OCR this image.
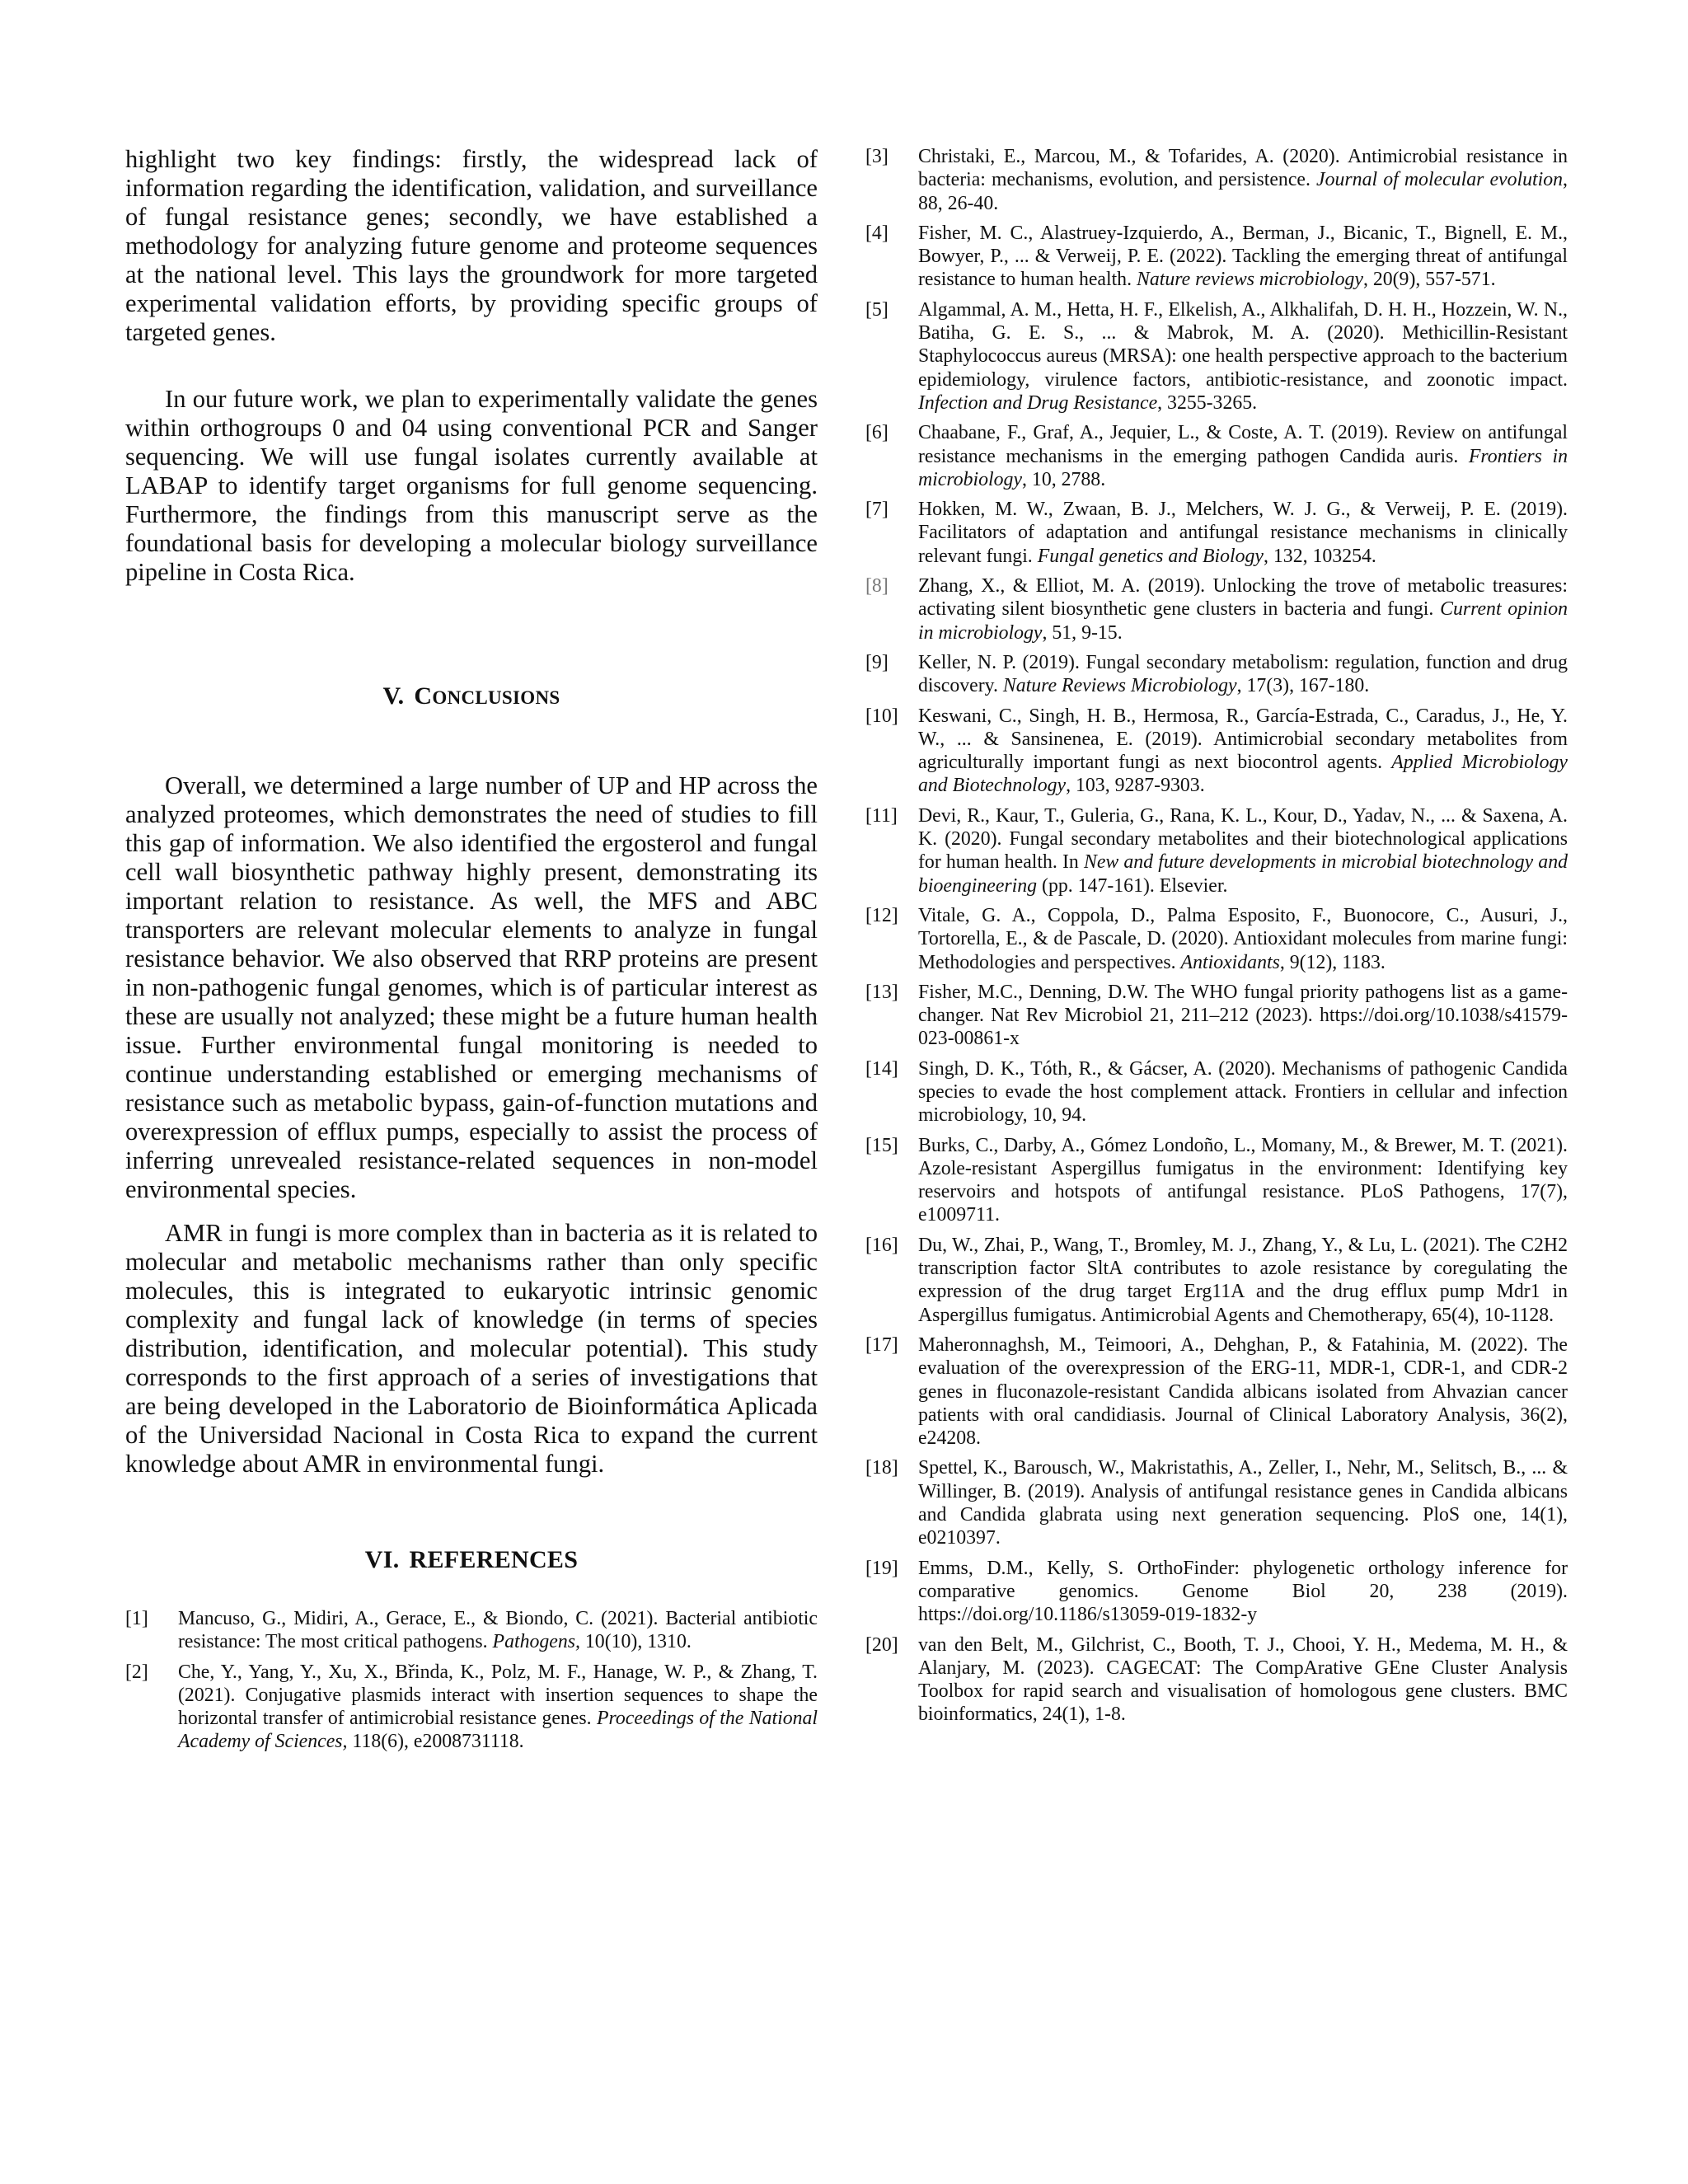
highlight two key findings: firstly, the widespread lack of information regarding the identification, validation, and surveillance of fungal resistance genes; secondly, we have established a methodology for analyzing future genome and proteome sequences at the national level. This lays the groundwork for more targeted experimental validation efforts, by providing specific groups of targeted genes.

In our future work, we plan to experimentally validate the genes within orthogroups 0 and 04 using conventional PCR and Sanger sequencing. We will use fungal isolates currently available at LABAP to identify target organisms for full genome sequencing. Furthermore, the findings from this manuscript serve as the foundational basis for developing a molecular biology surveillance pipeline in Costa Rica.

V. CONCLUSIONS

Overall, we determined a large number of UP and HP across the analyzed proteomes, which demonstrates the need of studies to fill this gap of information. We also identified the ergosterol and fungal cell wall biosynthetic pathway highly present, demonstrating its important relation to resistance. As well, the MFS and ABC transporters are relevant molecular elements to analyze in fungal resistance behavior. We also observed that RRP proteins are present in non-pathogenic fungal genomes, which is of particular interest as these are usually not analyzed; these might be a future human health issue. Further environmental fungal monitoring is needed to continue understanding established or emerging mechanisms of resistance such as metabolic bypass, gain-of-function mutations and overexpression of efflux pumps, especially to assist the process of inferring unrevealed resistance-related sequences in non-model environmental species.

AMR in fungi is more complex than in bacteria as it is related to molecular and metabolic mechanisms rather than only specific molecules, this is integrated to eukaryotic intrinsic genomic complexity and fungal lack of knowledge (in terms of species distribution, identification, and molecular potential). This study corresponds to the first approach of a series of investigations that are being developed in the Laboratorio de Bioinformática Aplicada of the Universidad Nacional in Costa Rica to expand the current knowledge about AMR in environmental fungi.

VI. REFERENCES
[1]	Mancuso, G., Midiri, A., Gerace, E., & Biondo, C. (2021). Bacterial antibiotic resistance: The most critical pathogens. Pathogens, 10(10), 1310.
[2]	Che, Y., Yang, Y., Xu, X., Břinda, K., Polz, M. F., Hanage, W. P., & Zhang, T. (2021). Conjugative plasmids interact with insertion sequences to shape the horizontal transfer of antimicrobial resistance genes. Proceedings of the National Academy of Sciences, 118(6), e2008731118.
[3]	Christaki, E., Marcou, M., & Tofarides, A. (2020). Antimicrobial resistance in bacteria: mechanisms, evolution, and persistence. Journal of molecular evolution, 88, 26-40.
[4]	Fisher, M. C., Alastruey-Izquierdo, A., Berman, J., Bicanic, T., Bignell, E. M., Bowyer, P., ... & Verweij, P. E. (2022). Tackling the emerging threat of antifungal resistance to human health. Nature reviews microbiology, 20(9), 557-571.
[5]	Algammal, A. M., Hetta, H. F., Elkelish, A., Alkhalifah, D. H. H., Hozzein, W. N., Batiha, G. E. S., ... & Mabrok, M. A. (2020). Methicillin-Resistant Staphylococcus aureus (MRSA): one health perspective approach to the bacterium epidemiology, virulence factors, antibiotic-resistance, and zoonotic impact. Infection and Drug Resistance, 3255-3265.
[6]	Chaabane, F., Graf, A., Jequier, L., & Coste, A. T. (2019). Review on antifungal resistance mechanisms in the emerging pathogen Candida auris. Frontiers in microbiology, 10, 2788.
[7]	Hokken, M. W., Zwaan, B. J., Melchers, W. J. G., & Verweij, P. E. (2019). Facilitators of adaptation and antifungal resistance mechanisms in clinically relevant fungi. Fungal genetics and Biology, 132, 103254.
[8]	Zhang, X., & Elliot, M. A. (2019). Unlocking the trove of metabolic treasures: activating silent biosynthetic gene clusters in bacteria and fungi. Current opinion in microbiology, 51, 9-15.
[9]	Keller, N. P. (2019). Fungal secondary metabolism: regulation, function and drug discovery. Nature Reviews Microbiology, 17(3), 167-180.
[10]	Keswani, C., Singh, H. B., Hermosa, R., García-Estrada, C., Caradus, J., He, Y. W., ... & Sansinenea, E. (2019). Antimicrobial secondary metabolites from agriculturally important fungi as next biocontrol agents. Applied Microbiology and Biotechnology, 103, 9287-9303.
[11]	Devi, R., Kaur, T., Guleria, G., Rana, K. L., Kour, D., Yadav, N., ... & Saxena, A. K. (2020). Fungal secondary metabolites and their biotechnological applications for human health. In New and future developments in microbial biotechnology and bioengineering (pp. 147-161). Elsevier.
[12]	Vitale, G. A., Coppola, D., Palma Esposito, F., Buonocore, C., Ausuri, J., Tortorella, E., & de Pascale, D. (2020). Antioxidant molecules from marine fungi: Methodologies and perspectives. Antioxidants, 9(12), 1183.
[13]	Fisher, M.C., Denning, D.W. The WHO fungal priority pathogens list as a game-changer. Nat Rev Microbiol 21, 211–212 (2023). https://doi.org/10.1038/s41579-023-00861-x
[14]	Singh, D. K., Tóth, R., & Gácser, A. (2020). Mechanisms of pathogenic Candida species to evade the host complement attack. Frontiers in cellular and infection microbiology, 10, 94.
[15]	Burks, C., Darby, A., Gómez Londoño, L., Momany, M., & Brewer, M. T. (2021). Azole-resistant Aspergillus fumigatus in the environment: Identifying key reservoirs and hotspots of antifungal resistance. PLoS Pathogens, 17(7), e1009711.
[16]	Du, W., Zhai, P., Wang, T., Bromley, M. J., Zhang, Y., & Lu, L. (2021). The C2H2 transcription factor SltA contributes to azole resistance by coregulating the expression of the drug target Erg11A and the drug efflux pump Mdr1 in Aspergillus fumigatus. Antimicrobial Agents and Chemotherapy, 65(4), 10-1128.
[17]	Maheronnaghsh, M., Teimoori, A., Dehghan, P., & Fatahinia, M. (2022). The evaluation of the overexpression of the ERG-11, MDR-1, CDR-1, and CDR-2 genes in fluconazole-resistant Candida albicans isolated from Ahvazian cancer patients with oral candidiasis. Journal of Clinical Laboratory Analysis, 36(2), e24208.
[18]	Spettel, K., Barousch, W., Makristathis, A., Zeller, I., Nehr, M., Selitsch, B., ... & Willinger, B. (2019). Analysis of antifungal resistance genes in Candida albicans and Candida glabrata using next generation sequencing. PloS one, 14(1), e0210397.
[19]	Emms, D.M., Kelly, S. OrthoFinder: phylogenetic orthology inference for comparative genomics. Genome Biol 20, 238 (2019). https://doi.org/10.1186/s13059-019-1832-y
[20]	van den Belt, M., Gilchrist, C., Booth, T. J., Chooi, Y. H., Medema, M. H., & Alanjary, M. (2023). CAGECAT: The CompArative GEne Cluster Analysis Toolbox for rapid search and visualisation of homologous gene clusters. BMC bioinformatics, 24(1), 1-8.
